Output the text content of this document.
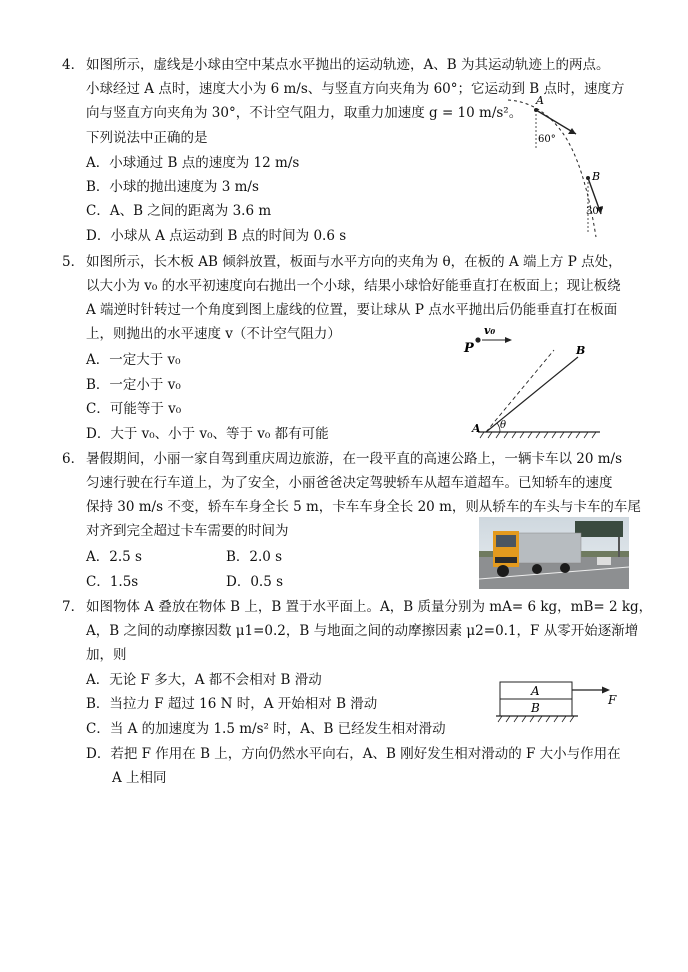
4． 如图所示，虚线是小球由空中某点水平抛出的运动轨迹，A、B 为其运动轨迹上的两点。
小球经过 A 点时，速度大小为 6 m/s、与竖直方向夹角为 60°；它运动到 B 点时，速度方
向与竖直方向夹角为 30°，不计空气阻力，取重力加速度 g = 10 m/s²。
下列说法中正确的是
A．小球通过 B 点的速度为 12 m/s
B．小球的抛出速度为 3 m/s
C．A、B 之间的距离为 3.6 m
D．小球从 A 点运动到 B 点的时间为 0.6 s
A
60°
B
30°
5． 如图所示，长木板 AB 倾斜放置，板面与水平方向的夹角为 θ，在板的 A 端上方 P 点处，
以大小为 v₀ 的水平初速度向右抛出一个小球，结果小球恰好能垂直打在板面上；现让板绕
A 端逆时针转过一个角度到图上虚线的位置，要让球从 P 点水平抛出后仍能垂直打在板面
上，则抛出的水平速度 v（不计空气阻力）
A．一定大于 v₀
B．一定小于 v₀
C．可能等于 v₀
D．大于 v₀、小于 v₀、等于 v₀ 都有可能
P
v₀
B
A θ
6． 暑假期间，小丽一家自驾到重庆周边旅游，在一段平直的高速公路上，一辆卡车以 20 m/s
匀速行驶在行车道上，为了安全，小丽爸爸决定驾驶轿车从超车道超车。已知轿车的速度
保持 30 m/s 不变，轿车车身全长 5 m，卡车车身全长 20 m，则从轿车的车头与卡车的车尾
对齐到完全超过卡车需要的时间为
A．2.5 s	B．2.0 s
C．1.5s	D．0.5 s
7． 如图物体 A 叠放在物体 B 上，B 置于水平面上。A，B 质量分别为 mA= 6 kg，mB= 2 kg，
A，B 之间的动摩擦因数 μ1=0.2，B 与地面之间的动摩擦因素 μ2=0.1，F 从零开始逐渐增
加，则
A．无论 F 多大，A 都不会相对 B 滑动
B．当拉力 F 超过 16 N 时，A 开始相对 B 滑动
C．当 A 的加速度为 1.5 m/s² 时，A、B 已经发生相对滑动
D．若把 F 作用在 B 上，方向仍然水平向右，A、B 刚好发生相对滑动的 F 大小与作用在
A 上相同
A
B
F
